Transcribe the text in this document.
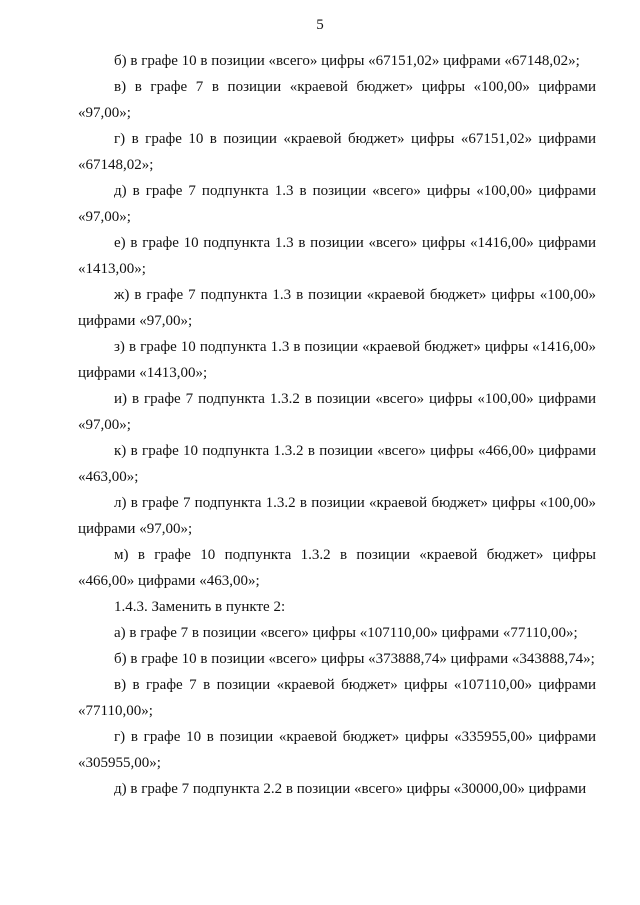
5

б) в графе 10 в позиции «всего» цифры «67151,02» цифрами «67148,02»;

в) в графе 7 в позиции «краевой бюджет» цифры «100,00» цифрами «97,00»;

г) в графе 10 в позиции «краевой бюджет» цифры «67151,02» цифрами «67148,02»;

д) в графе 7 подпункта 1.3 в позиции «всего» цифры «100,00» цифрами «97,00»;

е) в графе 10 подпункта 1.3 в позиции «всего» цифры «1416,00» цифрами «1413,00»;

ж) в графе 7 подпункта 1.3 в позиции «краевой бюджет» цифры «100,00» цифрами «97,00»;

з) в графе 10 подпункта 1.3 в позиции «краевой бюджет» цифры «1416,00» цифрами «1413,00»;

и) в графе 7 подпункта 1.3.2 в позиции «всего» цифры «100,00» цифрами «97,00»;

к) в графе 10 подпункта 1.3.2 в позиции «всего» цифры «466,00» цифрами «463,00»;

л) в графе 7 подпункта 1.3.2 в позиции «краевой бюджет» цифры «100,00» цифрами «97,00»;

м) в графе 10 подпункта 1.3.2 в позиции «краевой бюджет» цифры «466,00» цифрами «463,00»;

1.4.3. Заменить в пункте 2:

а) в графе 7 в позиции «всего» цифры «107110,00» цифрами «77110,00»;

б) в графе 10 в позиции «всего» цифры «373888,74» цифрами «343888,74»;

в) в графе 7 в позиции «краевой бюджет» цифры «107110,00» цифрами «77110,00»;

г) в графе 10 в позиции «краевой бюджет» цифры «335955,00» цифрами «305955,00»;

д) в графе 7 подпункта 2.2 в позиции «всего» цифры «30000,00» цифрами
